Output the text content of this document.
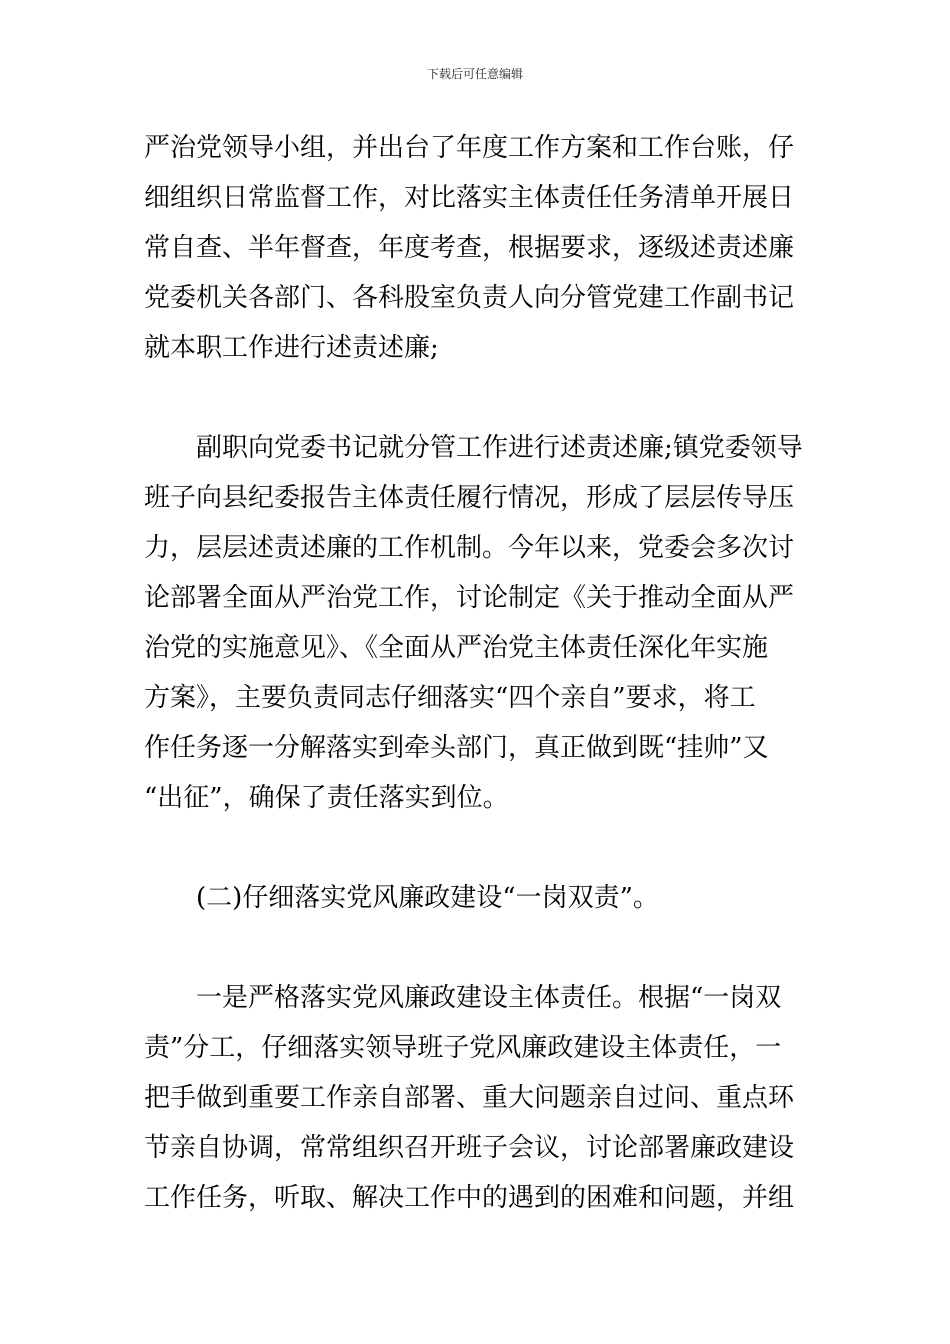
下载后可任意编辑
严治党领导小组，并出台了年度工作方案和工作台账，仔
细组织日常监督工作，对比落实主体责任任务清单开展日
常自查、半年督查，年度考查，根据要求，逐级述责述廉
党委机关各部门、各科股室负责人向分管党建工作副书记
就本职工作进行述责述廉;
副职向党委书记就分管工作进行述责述廉;镇党委领导
班子向县纪委报告主体责任履行情况，形成了层层传导压
力，层层述责述廉的工作机制。今年以来，党委会多次讨
论部署全面从严治党工作，讨论制定《关于推动全面从严
治党的实施意见》、《全面从严治党主体责任深化年实施
方案》，主要负责同志仔细落实“四个亲自”要求，将工
作任务逐一分解落实到牵头部门，真正做到既“挂帅”又
“出征”，确保了责任落实到位。
(二)仔细落实党风廉政建设“一岗双责”。
一是严格落实党风廉政建设主体责任。根据“一岗双
责”分工，仔细落实领导班子党风廉政建设主体责任，一
把手做到重要工作亲自部署、重大问题亲自过问、重点环
节亲自协调，常常组织召开班子会议，讨论部署廉政建设
工作任务，听取、解决工作中的遇到的困难和问题，并组
